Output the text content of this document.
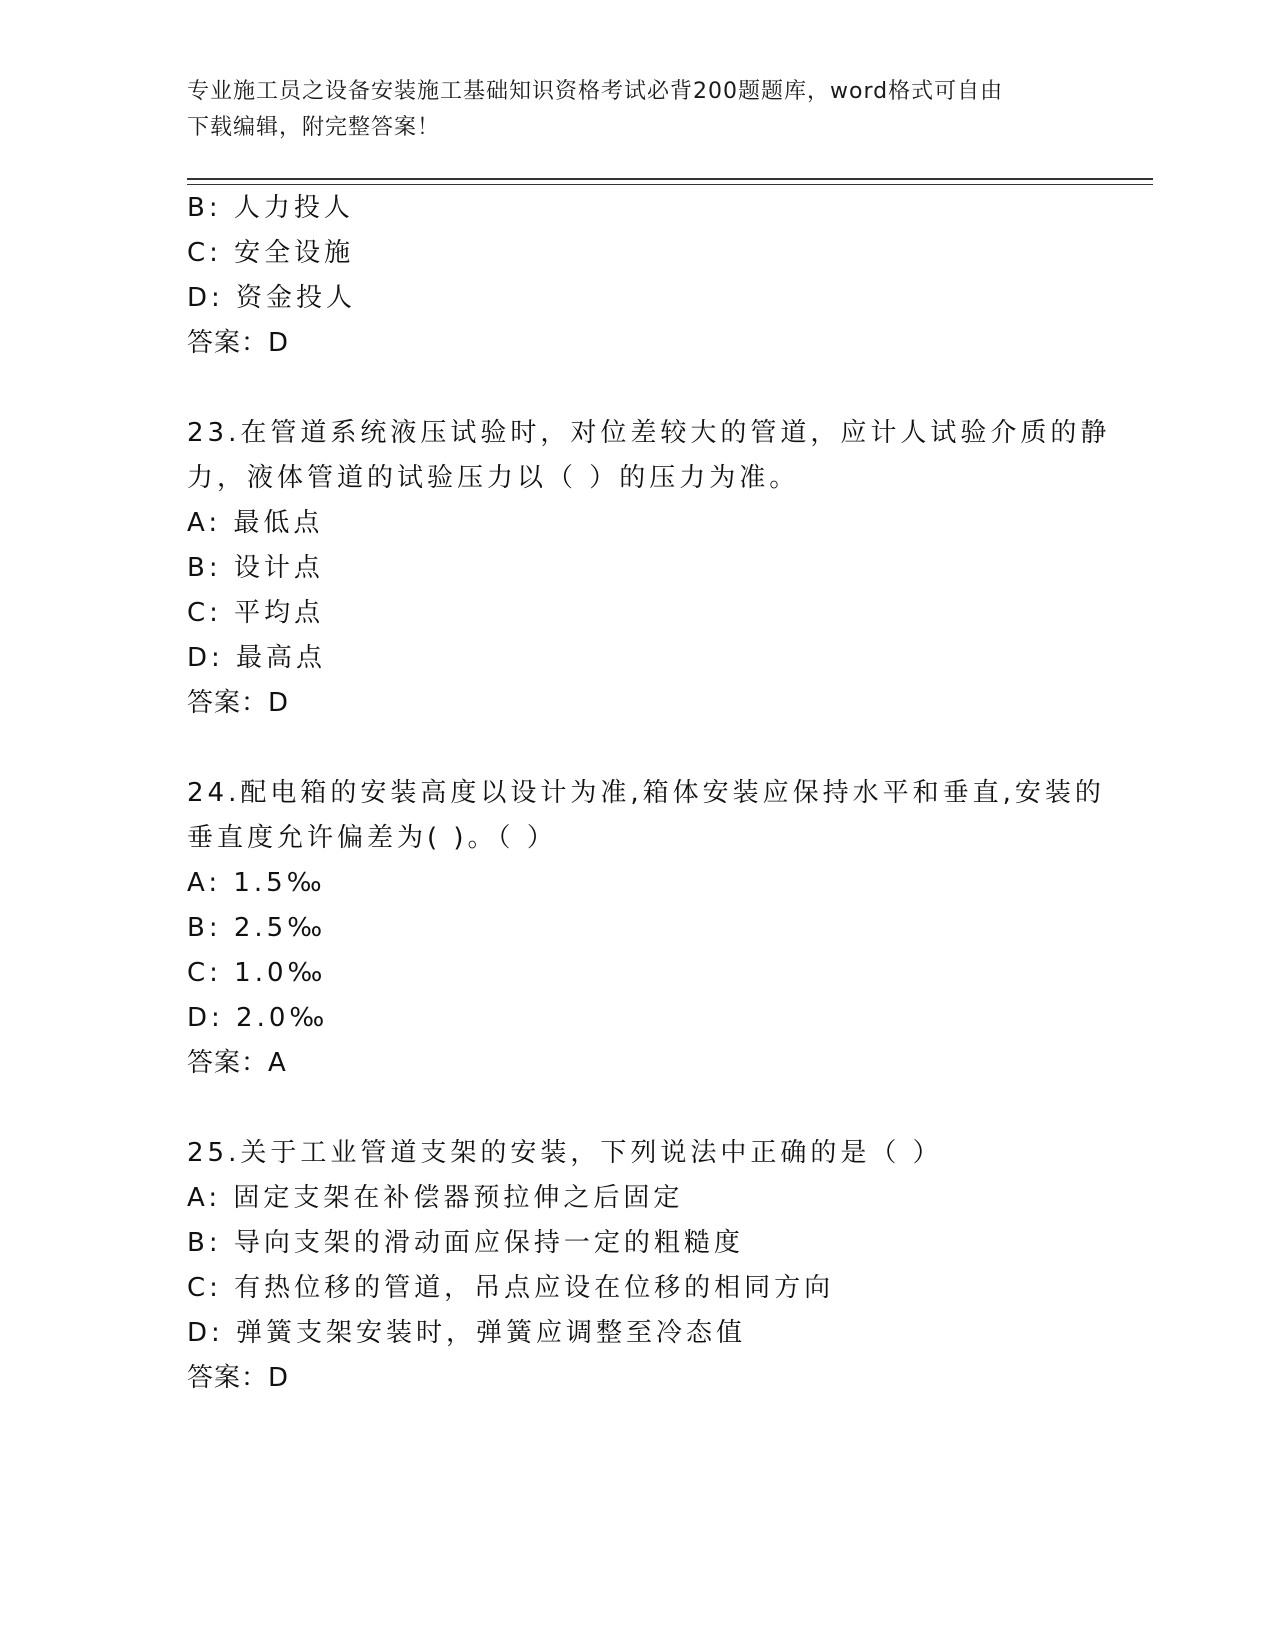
专业施工员之设备安装施工基础知识资格考试必背200题题库，word格式可自由
下载编辑，附完整答案！
B: 人力投人
C: 安全设施
D: 资金投人
答案：D
23.在管道系统液压试验时，对位差较大的管道，应计人试验介质的静
力，液体管道的试验压力以（ ）的压力为准。
A: 最低点
B: 设计点
C: 平均点
D: 最高点
答案：D
24.配电箱的安装高度以设计为准,箱体安装应保持水平和垂直,安装的
垂直度允许偏差为( )。（ ）
A: 1.5‰
B: 2.5‰
C: 1.0‰
D: 2.0‰
答案：A
25.关于工业管道支架的安装，下列说法中正确的是（ ）
A: 固定支架在补偿器预拉伸之后固定
B: 导向支架的滑动面应保持一定的粗糙度
C: 有热位移的管道，吊点应设在位移的相同方向
D: 弹簧支架安装时，弹簧应调整至冷态值
答案：D
